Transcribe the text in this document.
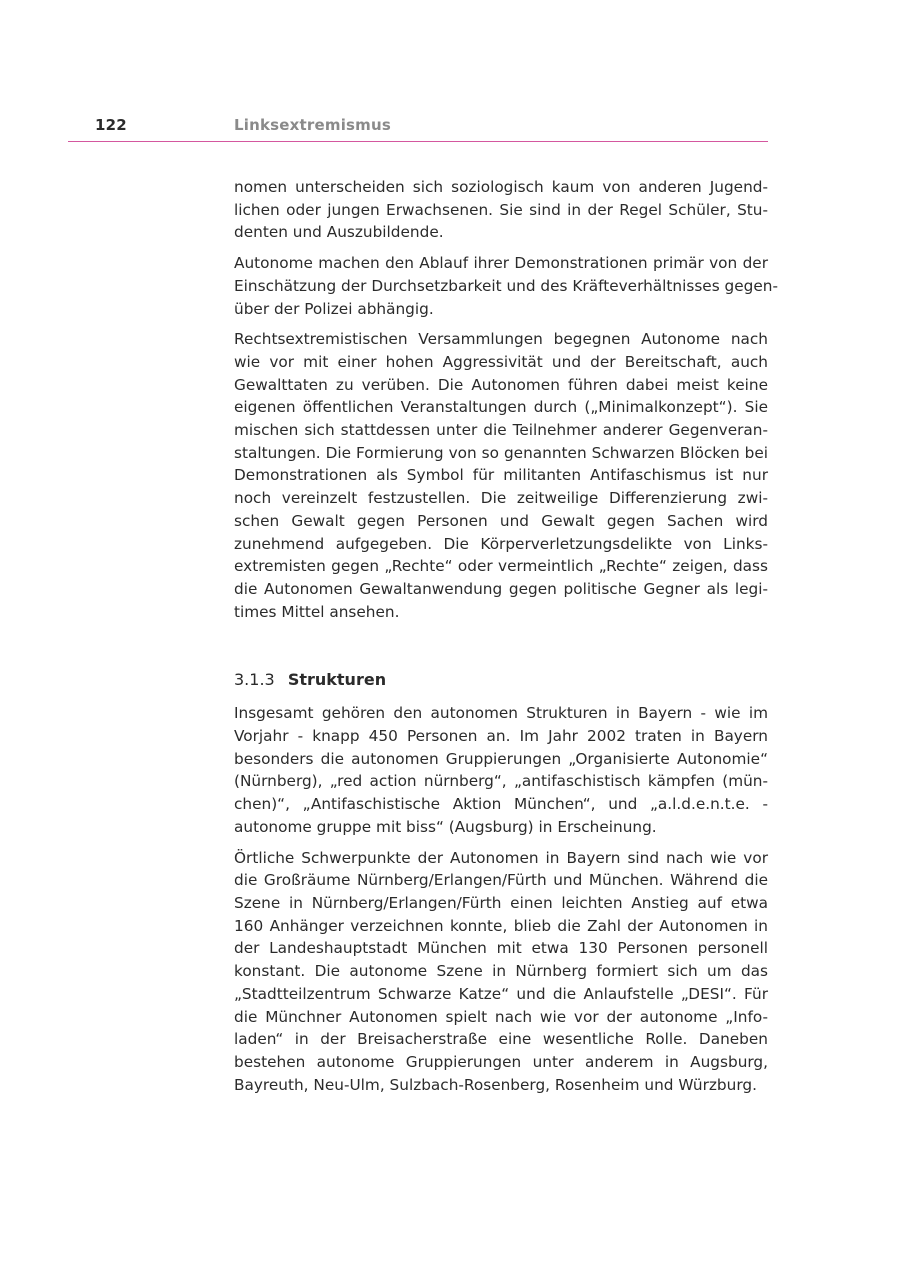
122	Linksextremismus

nomen unterscheiden sich soziologisch kaum von anderen Jugend-
lichen oder jungen Erwachsenen. Sie sind in der Regel Schüler, Stu-
denten und Auszubildende.

Autonome machen den Ablauf ihrer Demonstrationen primär von der
Einschätzung der Durchsetzbarkeit und des Kräfteverhältnisses gegen-
über der Polizei abhängig.

Rechtsextremistischen Versammlungen begegnen Autonome nach
wie vor mit einer hohen Aggressivität und der Bereitschaft, auch
Gewalttaten zu verüben. Die Autonomen führen dabei meist keine
eigenen öffentlichen Veranstaltungen durch („Minimalkonzept“). Sie
mischen sich stattdessen unter die Teilnehmer anderer Gegenveran-
staltungen. Die Formierung von so genannten Schwarzen Blöcken bei
Demonstrationen als Symbol für militanten Antifaschismus ist nur
noch vereinzelt festzustellen. Die zeitweilige Differenzierung zwi-
schen Gewalt gegen Personen und Gewalt gegen Sachen wird
zunehmend aufgegeben. Die Körperverletzungsdelikte von Links-
extremisten gegen „Rechte“ oder vermeintlich „Rechte“ zeigen, dass
die Autonomen Gewaltanwendung gegen politische Gegner als legi-
times Mittel ansehen.

3.1.3 Strukturen

Insgesamt gehören den autonomen Strukturen in Bayern - wie im
Vorjahr - knapp 450 Personen an. Im Jahr 2002 traten in Bayern
besonders die autonomen Gruppierungen „Organisierte Autonomie“
(Nürnberg), „red action nürnberg“, „antifaschistisch kämpfen (mün-
chen)“, „Antifaschistische Aktion München“, und „a.l.d.e.n.t.e. -
autonome gruppe mit biss“ (Augsburg) in Erscheinung.

Örtliche Schwerpunkte der Autonomen in Bayern sind nach wie vor
die Großräume Nürnberg/Erlangen/Fürth und München. Während die
Szene in Nürnberg/Erlangen/Fürth einen leichten Anstieg auf etwa
160 Anhänger verzeichnen konnte, blieb die Zahl der Autonomen in
der Landeshauptstadt München mit etwa 130 Personen personell
konstant. Die autonome Szene in Nürnberg formiert sich um das
„Stadtteilzentrum Schwarze Katze“ und die Anlaufstelle „DESI“. Für
die Münchner Autonomen spielt nach wie vor der autonome „Info-
laden“ in der Breisacherstraße eine wesentliche Rolle. Daneben
bestehen autonome Gruppierungen unter anderem in Augsburg,
Bayreuth, Neu-Ulm, Sulzbach-Rosenberg, Rosenheim und Würzburg.
